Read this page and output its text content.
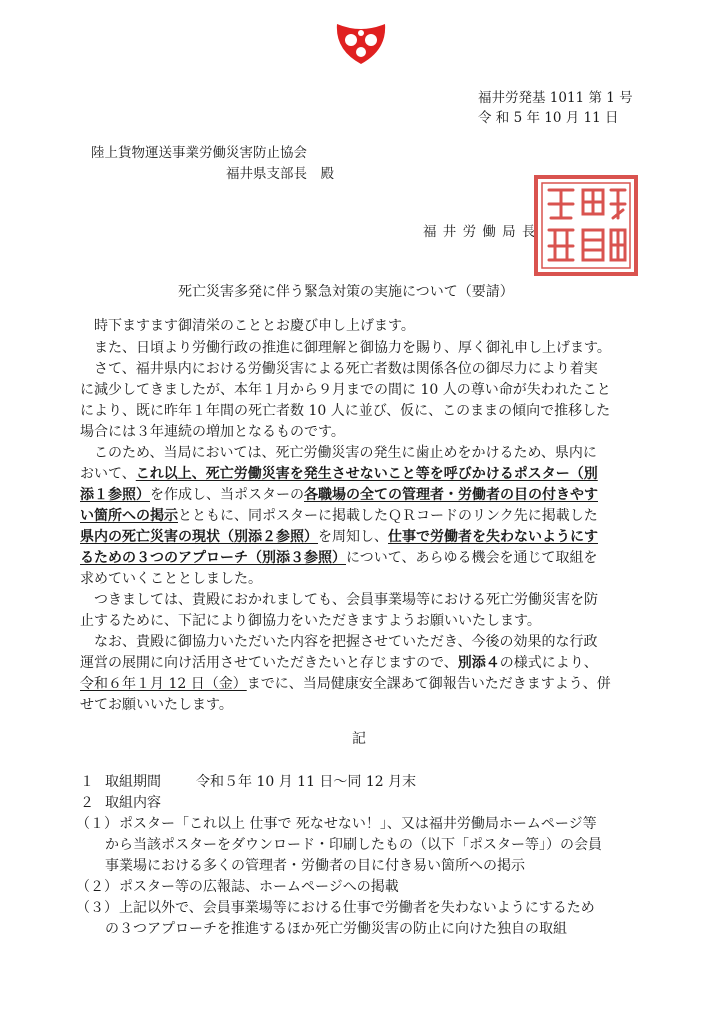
福井労発基 1011 第 1 号
令 和 5 年 10 月 11 日
陸上貨物運送事業労働災害防止協会
福井県支部長　殿
福 井 労 働 局 長
死亡災害多発に伴う緊急対策の実施について（要請）
時下ますます御清栄のこととお慶び申し上げます。
また、日頃より労働行政の推進に御理解と御協力を賜り、厚く御礼申し上げます。
さて、福井県内における労働災害による死亡者数は関係各位の御尽力により着実
に減少してきましたが、本年１月から９月までの間に 10 人の尊い命が失われたこと
により、既に昨年１年間の死亡者数 10 人に並び、仮に、このままの傾向で推移した
場合には３年連続の増加となるものです。
このため、当局においては、死亡労働災害の発生に歯止めをかけるため、県内に
おいて、これ以上、死亡労働災害を発生させないこと等を呼びかけるポスター（別
添１参照）を作成し、当ポスターの各職場の全ての管理者・労働者の目の付きやす
い箇所への掲示とともに、同ポスターに掲載したＱＲコードのリンク先に掲載した
県内の死亡災害の現状（別添２参照）を周知し、仕事で労働者を失わないようにす
るための３つのアプローチ（別添３参照）について、あらゆる機会を通じて取組を
求めていくこととしました。
つきましては、貴殿におかれましても、会員事業場等における死亡労働災害を防
止するために、下記により御協力をいただきますようお願いいたします。
なお、貴殿に御協力いただいた内容を把握させていただき、今後の効果的な行政
運営の展開に向け活用させていただきたいと存じますので、別添４の様式により、
令和６年１月 12 日（金）までに、当局健康安全課あて御報告いただきますよう、併
せてお願いいたします。
記
１ 取組期間	令和５年 10 月 11 日～同 12 月末
２ 取組内容
（１） ポスター「これ以上 仕事で 死なせない！」、又は福井労働局ホームページ等
から当該ポスターをダウンロード・印刷したもの（以下「ポスター等」）の会員
事業場における多くの管理者・労働者の目に付き易い箇所への掲示
（２） ポスター等の広報誌、ホームページへの掲載
（３） 上記以外で、会員事業場等における仕事で労働者を失わないようにするため
の３つアプローチを推進するほか死亡労働災害の防止に向けた独自の取組
